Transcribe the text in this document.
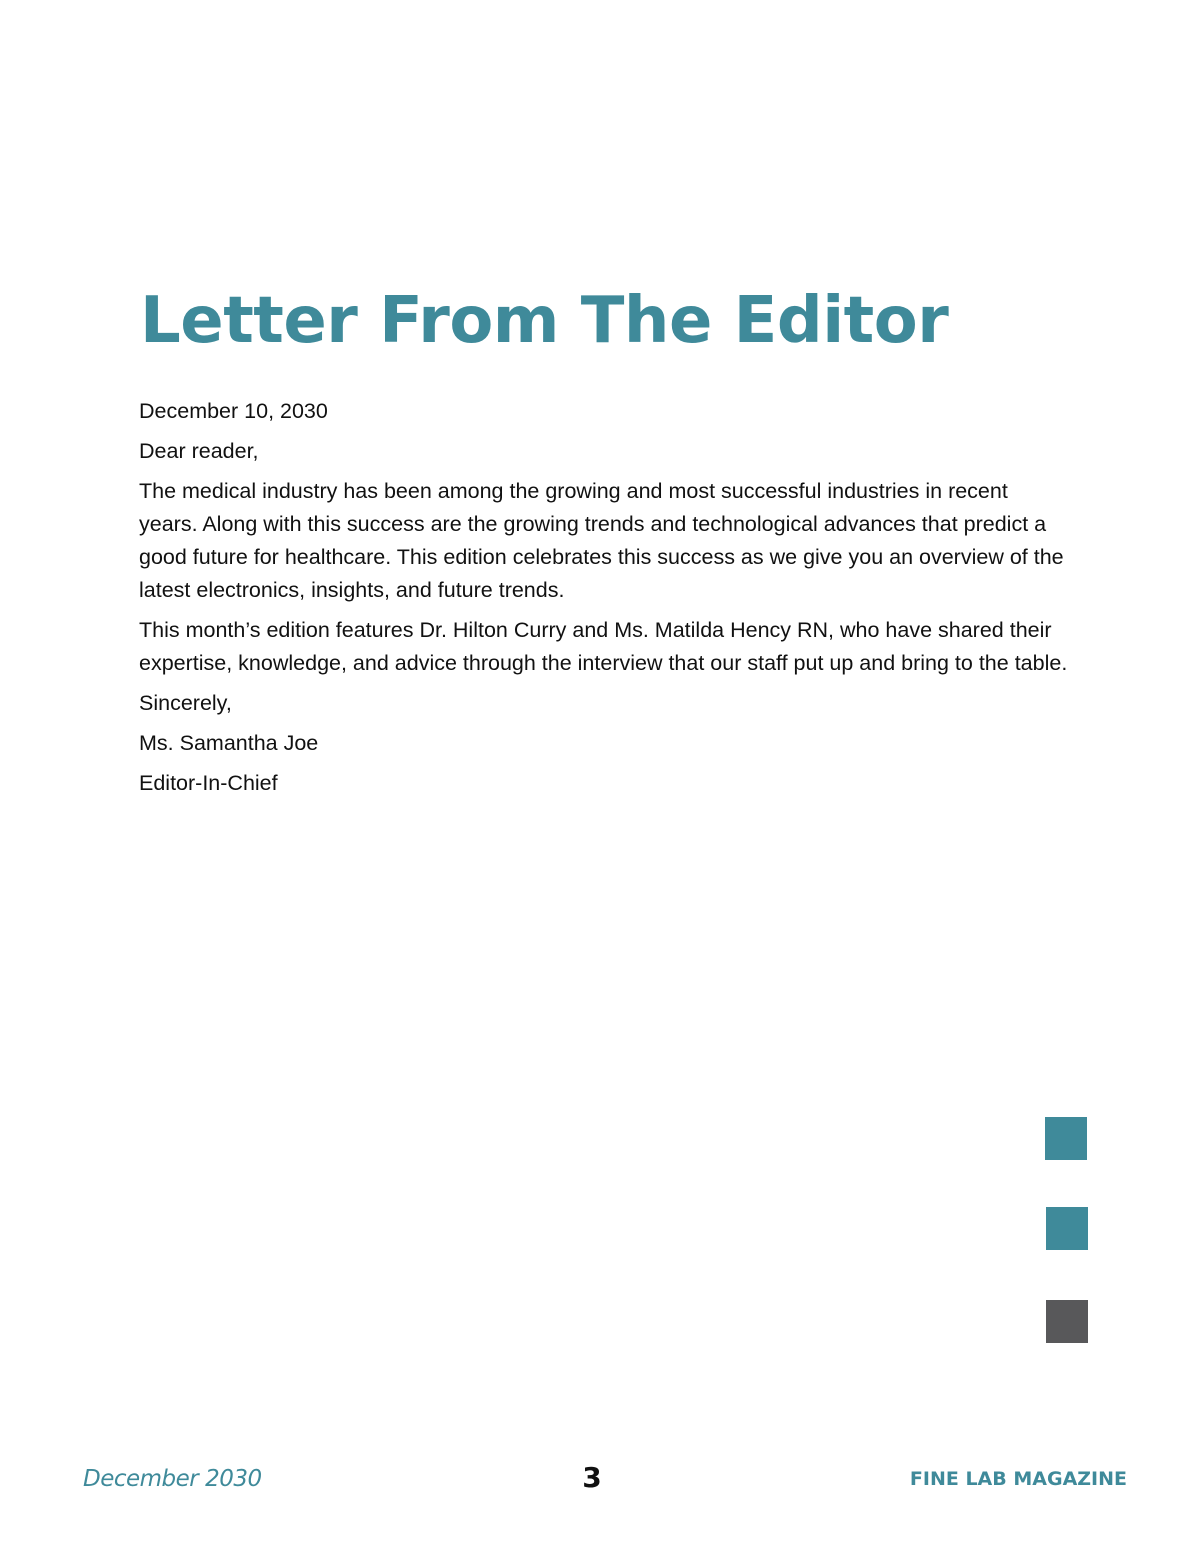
Letter From The Editor

December 10, 2030

Dear reader,

The medical industry has been among the growing and most successful industries in recent years. Along with this success are the growing trends and technological advances that predict a good future for healthcare. This edition celebrates this success as we give you an overview of the latest electronics, insights, and future trends.

This month’s edition features Dr. Hilton Curry and Ms. Matilda Hency RN, who have shared their expertise, knowledge, and advice through the interview that our staff put up and bring to the table.

Sincerely,

Ms. Samantha Joe

Editor-In-Chief

December 2030	3	FINE LAB MAGAZINE
